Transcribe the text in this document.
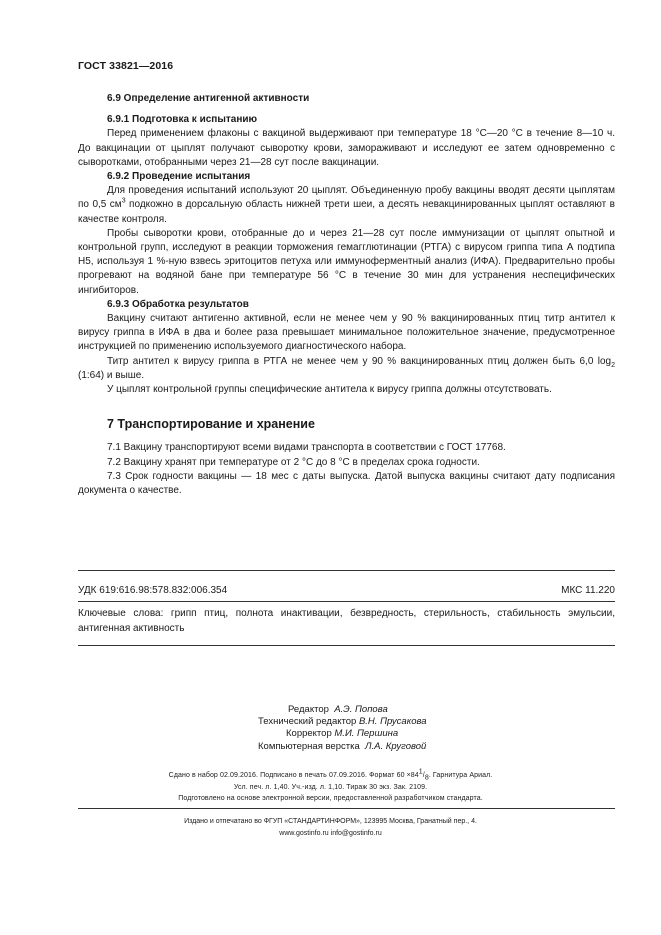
ГОСТ 33821—2016
6.9 Определение антигенной активности
6.9.1 Подготовка к испытанию

Перед применением флаконы с вакциной выдерживают при температуре 18 °С—20 °С в течение 8—10 ч. До вакцинации от цыплят получают сыворотку крови, замораживают и исследуют ее затем одновременно с сыворотками, отобранными через 21—28 сут после вакцинации.

6.9.2 Проведение испытания

Для проведения испытаний используют 20 цыплят. Объединенную пробу вакцины вводят десяти цыплятам по 0,5 $см^3$ подкожно в дорсальную область нижней трети шеи, а десять невакцинированных цыплят оставляют в качестве контроля.

Пробы сыворотки крови, отобранные до и через 21—28 сут после иммунизации от цыплят опытной и контрольной групп, исследуют в реакции торможения гемагглютинации (РТГА) с вирусом гриппа типа А подтипа Н5, используя 1 %-ную взвесь эритоцитов петуха или иммуноферментный анализ (ИФА). Предварительно пробы прогревают на водяной бане при температуре 56 °С в течение 30 мин для устранения неспецифических ингибиторов.

6.9.3 Обработка результатов

Вакцину считают антигенно активной, если не менее чем у 90 % вакцинированных птиц титр антител к вирусу гриппа в ИФА в два и более раза превышает минимальное положительное значение, предусмотренное инструкцией по применению используемого диагностического набора.

Титр антител к вирусу гриппа в РТГА не менее чем у 90 % вакцинированных птиц должен быть 6,0 $\log_2$ (1:64) и выше.

У цыплят контрольной группы специфические антитела к вирусу гриппа должны отсутствовать.

7 Транспортирование и хранение

7.1 Вакцину транспортируют всеми видами транспорта в соответствии с ГОСТ 17768.

7.2 Вакцину хранят при температуре от 2 °С до 8 °С в пределах срока годности.

7.3 Срок годности вакцины — 18 мес с даты выпуска. Датой выпуска вакцины считают дату подписания документа о качестве.

УДК 619:616.98:578.832:006.354	МКС 11.220
Ключевые слова: грипп птиц, полнота инактивации, безвредность, стерильность, стабильность эмульсии, антигенная активность
Редактор А.Э. Попова
Технический редактор В.Н. Прусакова
Корректор М.И. Першина
Компьютерная верстка Л.А. Круговой
Сдано в набор 02.09.2016. Подписано в печать 07.09.2016. Формат $60 \times 84^1/_8$. Гарнитура Ариал.
Усл. печ. л. 1,40. Уч.-изд. л. 1,10. Тираж 30 экз. Зак. 2109.
Подготовлено на основе электронной версии, предоставленной разработчиком стандарта.
Издано и отпечатано во ФГУП «СТАНДАРТИНФОРМ», 123995 Москва, Гранатный пер., 4.
www.gostinfo.ru info@gostinfo.ru
